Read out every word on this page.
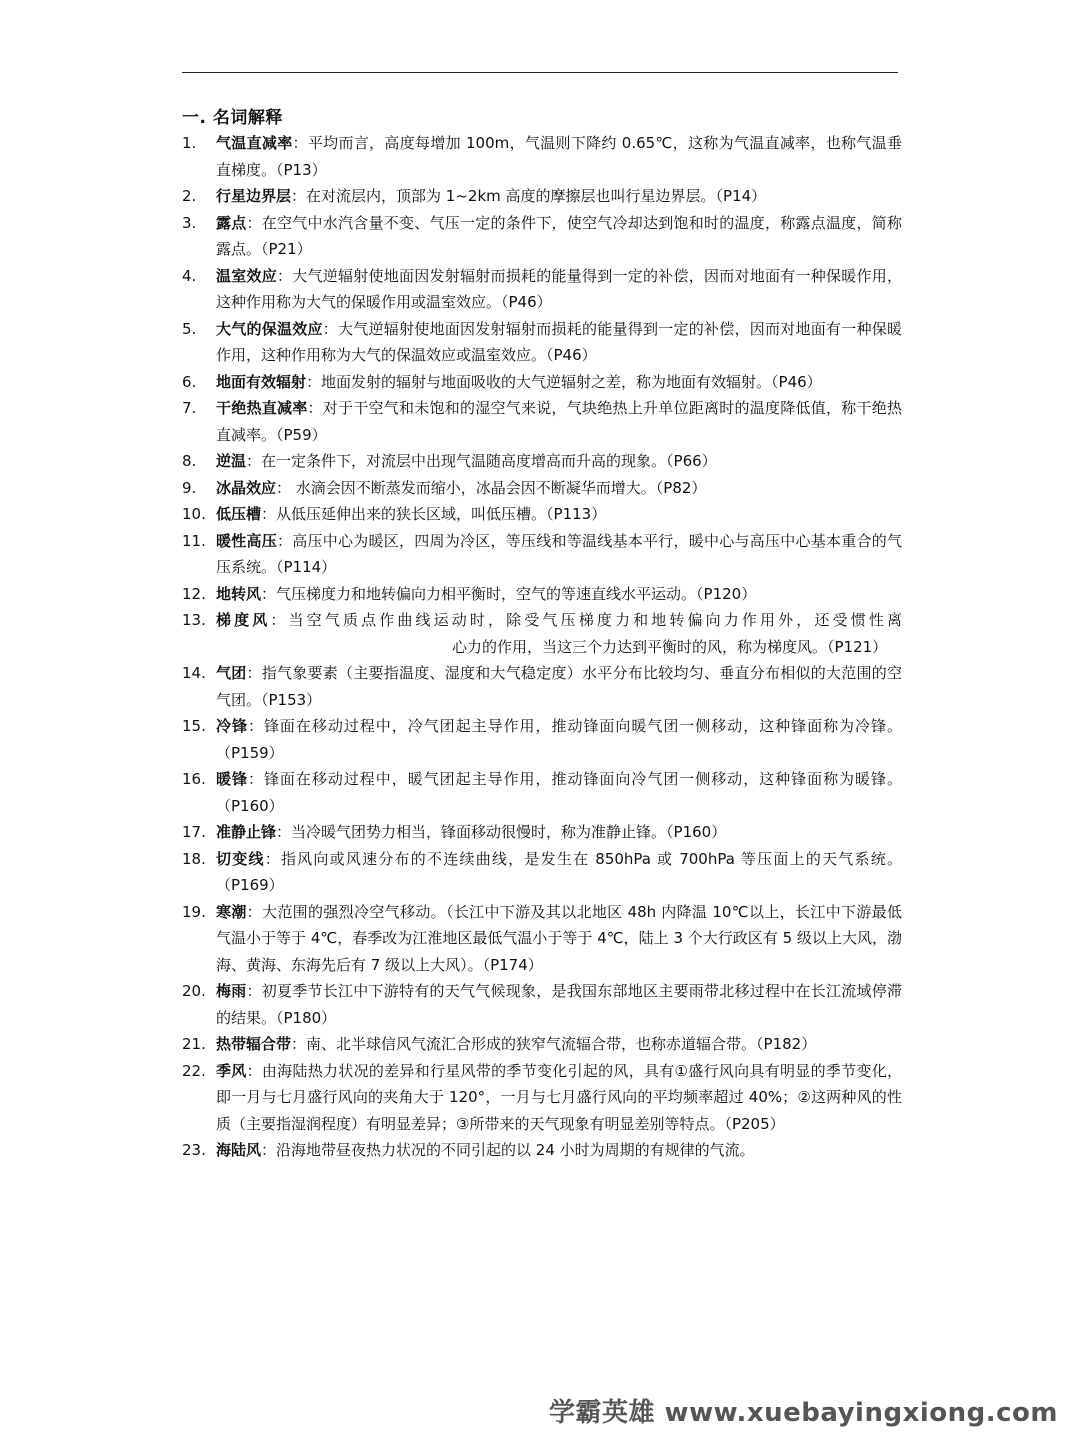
一. 名词解释
1.	气温直减率：平均而言，高度每增加 100m，气温则下降约 0.65℃，这称为气温直减率，也称气温垂直梯度。（P13）
2.	行星边界层：在对流层内，顶部为 1~2km 高度的摩擦层也叫行星边界层。（P14）
3.	露点：在空气中水汽含量不变、气压一定的条件下，使空气冷却达到饱和时的温度，称露点温度，简称露点。（P21）
4.	温室效应：大气逆辐射使地面因发射辐射而损耗的能量得到一定的补偿，因而对地面有一种保暖作用，这种作用称为大气的保暖作用或温室效应。（P46）
5.	大气的保温效应：大气逆辐射使地面因发射辐射而损耗的能量得到一定的补偿，因而对地面有一种保暖作用，这种作用称为大气的保温效应或温室效应。（P46）
6.	地面有效辐射：地面发射的辐射与地面吸收的大气逆辐射之差，称为地面有效辐射。（P46）
7.	干绝热直减率：对于干空气和未饱和的湿空气来说，气块绝热上升单位距离时的温度降低值，称干绝热直减率。（P59）
8.	逆温：在一定条件下，对流层中出现气温随高度增高而升高的现象。（P66）
9.	冰晶效应： 水滴会因不断蒸发而缩小，冰晶会因不断凝华而增大。（P82）
10. 低压槽：从低压延伸出来的狭长区域，叫低压槽。（P113）
11. 暖性高压：高压中心为暖区，四周为冷区，等压线和等温线基本平行，暖中心与高压中心基本重合的气压系统。（P114）
12. 地转风：气压梯度力和地转偏向力相平衡时，空气的等速直线水平运动。（P120）
13. 梯度风：当空气质点作曲线运动时，除受气压梯度力和地转偏向力作用外，还受惯性离心力的作用，当这三个力达到平衡时的风，称为梯度风。（P121）
14. 气团：指气象要素（主要指温度、湿度和大气稳定度）水平分布比较均匀、垂直分布相似的大范围的空气团。（P153）
15. 冷锋：锋面在移动过程中，冷气团起主导作用，推动锋面向暖气团一侧移动，这种锋面称为冷锋。（P159）
16. 暖锋：锋面在移动过程中，暖气团起主导作用，推动锋面向冷气团一侧移动，这种锋面称为暖锋。（P160）
17. 准静止锋：当冷暖气团势力相当，锋面移动很慢时，称为准静止锋。（P160）
18. 切变线：指风向或风速分布的不连续曲线，是发生在 850hPa 或 700hPa 等压面上的天气系统。（P169）
19. 寒潮：大范围的强烈冷空气移动。（长江中下游及其以北地区 48h 内降温 10℃以上，长江中下游最低气温小于等于 4℃，春季改为江淮地区最低气温小于等于 4℃，陆上 3 个大行政区有 5 级以上大风，渤海、黄海、东海先后有 7 级以上大风）。（P174）
20. 梅雨：初夏季节长江中下游特有的天气气候现象，是我国东部地区主要雨带北移过程中在长江流域停滞的结果。（P180）
21. 热带辐合带：南、北半球信风气流汇合形成的狭窄气流辐合带，也称赤道辐合带。（P182）
22. 季风：由海陆热力状况的差异和行星风带的季节变化引起的风，具有①盛行风向具有明显的季节变化，即一月与七月盛行风向的夹角大于 120°，一月与七月盛行风向的平均频率超过 40%；②这两种风的性质（主要指湿润程度）有明显差异；③所带来的天气现象有明显差别等特点。（P205）
23. 海陆风：沿海地带昼夜热力状况的不同引起的以 24 小时为周期的有规律的气流。
学霸英雄 www.xuebayingxiong.com
